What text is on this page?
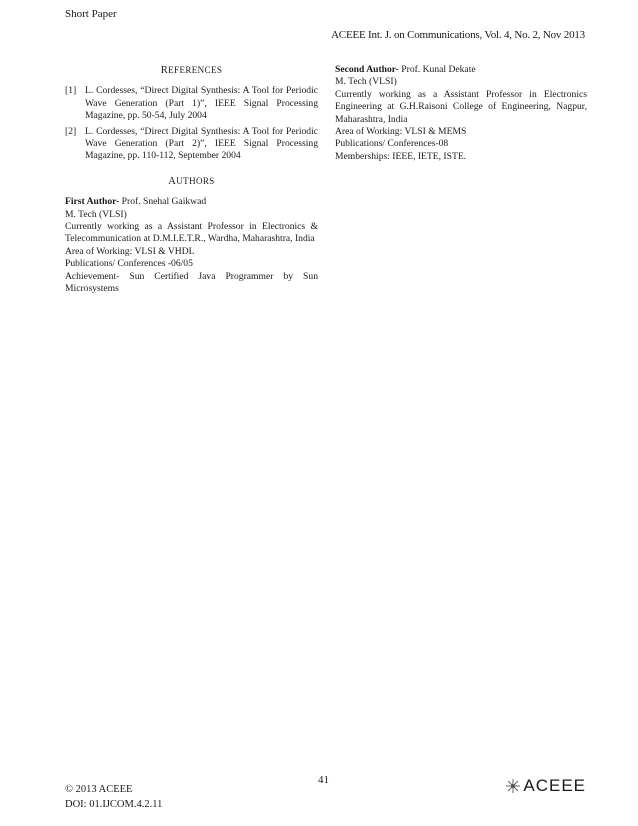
Short Paper
ACEEE Int. J. on Communications, Vol. 4, No. 2, Nov 2013
REFERENCES
[1] L. Cordesses, “Direct Digital Synthesis: A Tool for Periodic Wave Generation (Part 1)”, IEEE Signal Processing Magazine, pp. 50-54, July 2004
[2] L. Cordesses, “Direct Digital Synthesis: A Tool for Periodic Wave Generation (Part 2)”, IEEE Signal Processing Magazine, pp. 110-112, September 2004
AUTHORS
First Author- Prof. Snehal Gaikwad
M. Tech (VLSI)
Currently working as a Assistant Professor in Electronics &
Telecommunication at D.M.I.E.T.R., Wardha, Maharashtra, India
Area of Working: VLSI & VHDL
Publications/ Conferences -06/05
Achievement- Sun Certified Java Programmer by Sun
Microsystems
Second Author- Prof. Kunal Dekate
M. Tech (VLSI)
Currently working as a Assistant Professor in Electronics
Engineering at G.H.Raisoni College of Engineering, Nagpur,
Maharashtra, India
Area of Working: VLSI & MEMS
Publications/ Conferences-08
Memberships: IEEE, IETE, ISTE.
41
© 2013 ACEEE
DOI: 01.IJCOM.4.2.11
ACEEE
